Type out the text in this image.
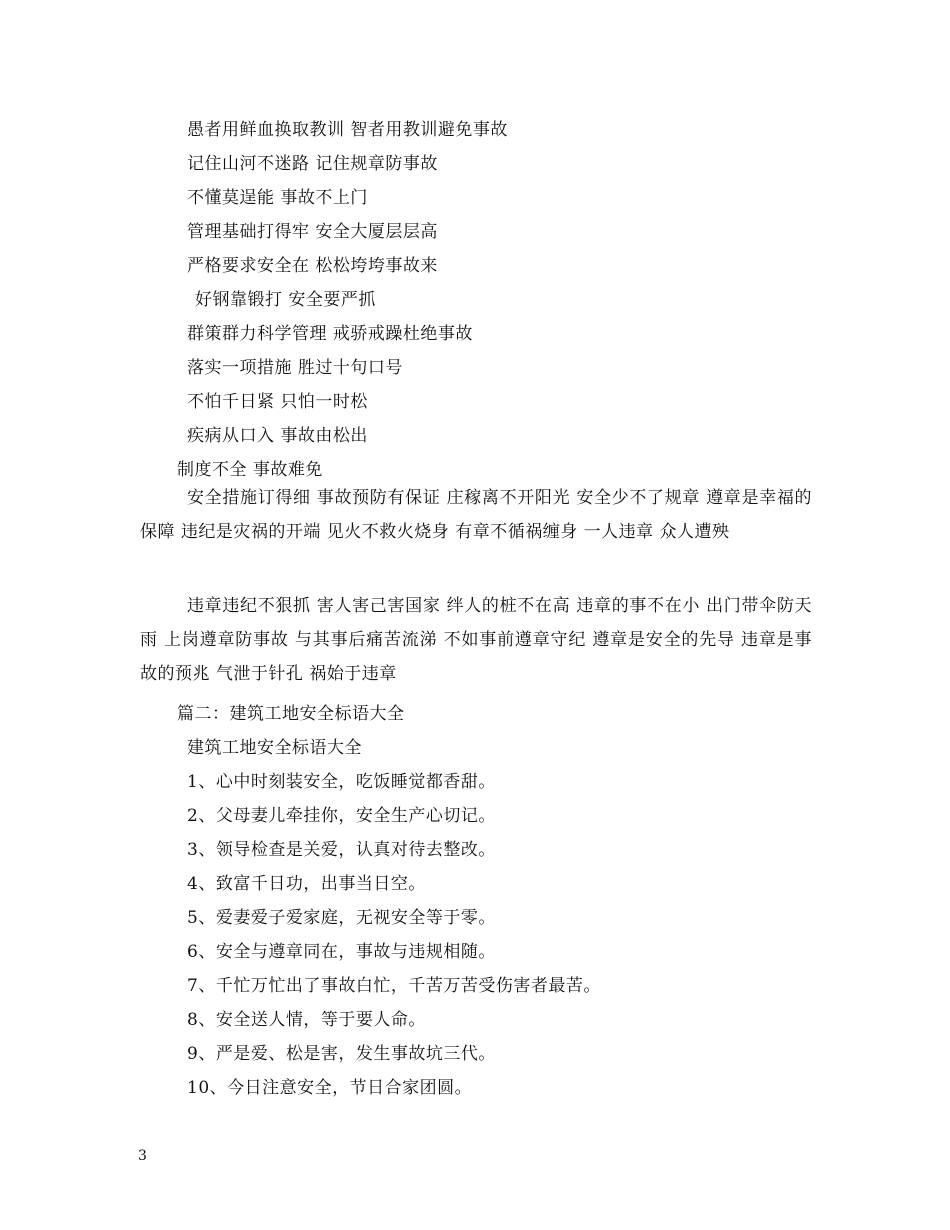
愚者用鲜血换取教训 智者用教训避免事故
记住山河不迷路 记住规章防事故
不懂莫逞能 事故不上门
管理基础打得牢 安全大厦层层高
严格要求安全在 松松垮垮事故来
好钢靠锻打 安全要严抓
群策群力科学管理 戒骄戒躁杜绝事故
落实一项措施 胜过十句口号
不怕千日紧 只怕一时松
疾病从口入 事故由松出
制度不全 事故难免

安全措施订得细 事故预防有保证 庄稼离不开阳光 安全少不了规章 遵章是幸福的保障 违纪是灾祸的开端 见火不救火烧身 有章不循祸缠身 一人违章 众人遭殃

违章违纪不狠抓 害人害己害国家 绊人的桩不在高 违章的事不在小 出门带伞防天雨 上岗遵章防事故 与其事后痛苦流涕 不如事前遵章守纪 遵章是安全的先导 违章是事故的预兆 气泄于针孔 祸始于违章

篇二：建筑工地安全标语大全
建筑工地安全标语大全
1、心中时刻装安全，吃饭睡觉都香甜。
2、父母妻儿牵挂你，安全生产心切记。
3、领导检查是关爱，认真对待去整改。
4、致富千日功，出事当日空。
5、爱妻爱子爱家庭，无视安全等于零。
6、安全与遵章同在，事故与违规相随。
7、千忙万忙出了事故白忙，千苦万苦受伤害者最苦。
8、安全送人情，等于要人命。
9、严是爱、松是害，发生事故坑三代。
10、今日注意安全，节日合家团圆。
3
